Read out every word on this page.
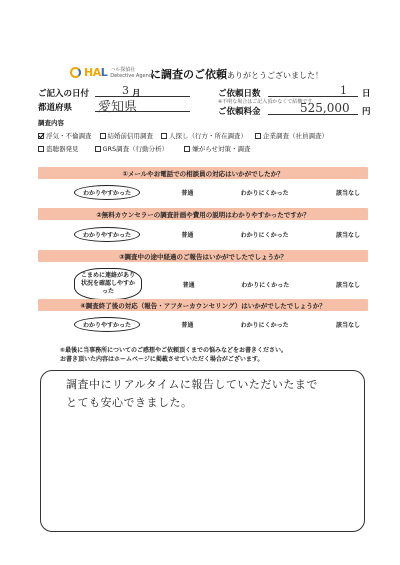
HAL ハル探偵社
Detective Agency
に調査のご依頼ありがとうございました！
ご記入の日付	3 月	ご依頼日数	1 日
都道府県 愛知県	※不明な場合はご記入頂かなくて結構です
ご依頼料金	525,000 円
調査内容
浮気・不倫調査 結婚前信用調査 人探し（行方・所在調査） 企業調査（社員調査）
盗聴器発見	GRS調査（行動分析）	嫌がらせ対策・調査
①メールやお電話での相談員の対応はいかがでしたか？
わかりやすかった	普通	わかりにくかった	該当なし
②無料カウンセラーの調査計画や費用の説明はわかりやすかったですか？
わかりやすかった	普通	わかりにくかった	該当なし
③調査中の途中経過のご報告はいかがでしたでしょうか？
こまめに連絡があり状況を確認しやすかった
普通	わかりにくかった	該当なし
④調査終了後の対応（報告・アフターカウンセリング）はいかがでしたでしょうか？
わかりやすかった	普通	わかりにくかった	該当なし
⑤最後に当事務所についてのご感想やご依頼頂くまでの悩みなどをお書きください。
お書き頂いた内容はホームページに掲載させていただく場合がございます。
調査中にリアルタイムに報告していただいたまで
とても安心できました。
